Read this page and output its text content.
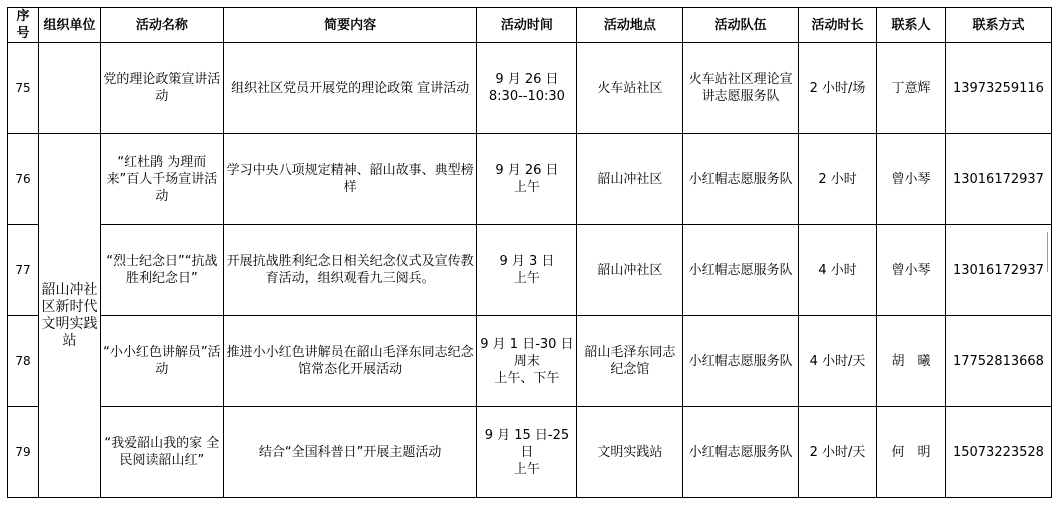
序号	组织单位	活动名称	简要内容	活动时间	活动地点	活动队伍	活动时长	联系人	联系方式
75		党的理论政策宣讲活动	组织社区党员开展党的理论政策 宣讲活动	9 月 26 日
8:30--10:30	火车站社区	火车站社区理论宣讲志愿服务队	2 小时/场	丁意辉	13973259116
76	韶山冲社区新时代文明实践站	“红杜鹃 为理而来”百人千场宣讲活动	学习中央八项规定精神、韶山故事、典型榜样	9 月 26 日
上午	韶山冲社区	小红帽志愿服务队	2 小时	曾小琴	13016172937
77		“烈士纪念日”“抗战胜利纪念日”	开展抗战胜利纪念日相关纪念仪式及宣传教育活动，组织观看九三阅兵。	9 月 3 日
上午	韶山冲社区	小红帽志愿服务队	4 小时	曾小琴	13016172937
78		“小小红色讲解员”活动	推进小小红色讲解员在韶山毛泽东同志纪念馆常态化开展活动	9 月 1 日-30 日
周末
上午、下午	韶山毛泽东同志纪念馆	小红帽志愿服务队	4 小时/天	胡　曦	17752813668
79		“我爱韶山我的家 全民阅读韶山红”	结合“全国科普日”开展主题活动	9 月 15 日-25 日
上午	文明实践站	小红帽志愿服务队	2 小时/天	何　明	15073223528
